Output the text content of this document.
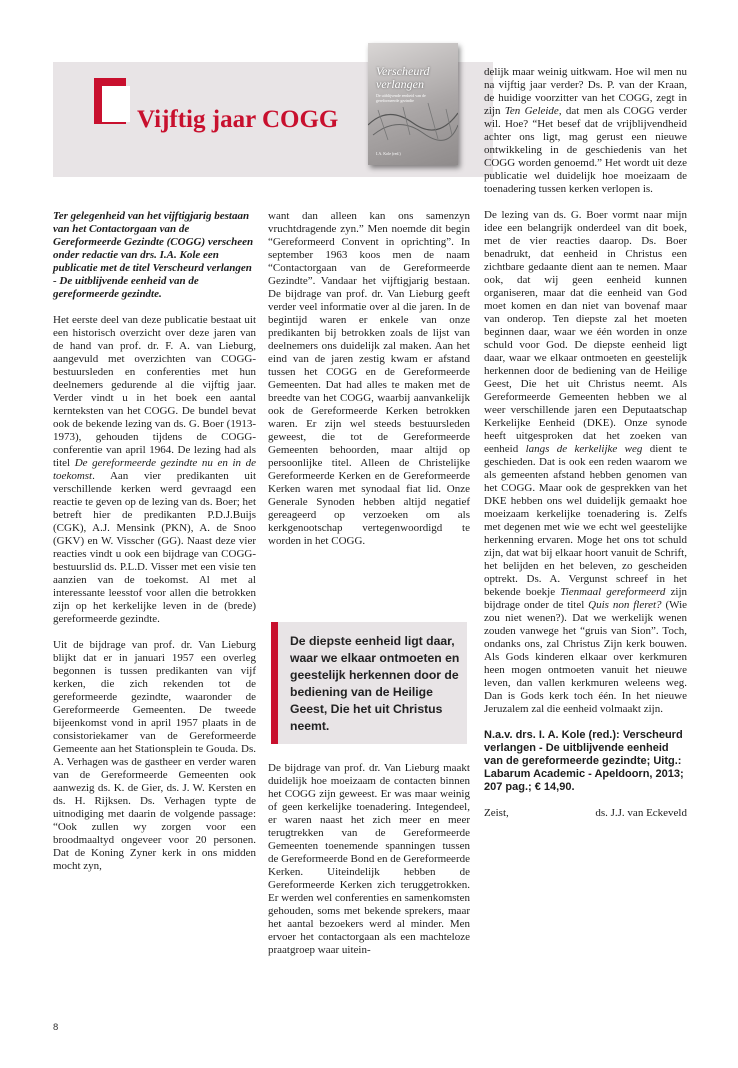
Vijftig jaar COGG
Verscheurd
verlangen
De uitblijvende eenheid van de gereformeerde gezindte
I.A. Kole (red.)

Ter gelegenheid van het vijftigjarig bestaan van het Contactorgaan van de Gereformeerde Gezindte (COGG) verscheen onder redactie van drs. I.A. Kole een publicatie met de titel Verscheurd verlangen - De uitblijvende eenheid van de gereformeerde gezindte.

Het eerste deel van deze publicatie bestaat uit een historisch overzicht over deze jaren van de hand van prof. dr. F. A. van Lieburg, aangevuld met overzichten van COGG-bestuursleden en conferenties met hun deelnemers gedurende al die vijftig jaar. Verder vindt u in het boek een aantal kernteksten van het COGG. De bundel bevat ook de bekende lezing van ds. G. Boer (1913-1973), gehouden tijdens de COGG-conferentie van april 1964. De lezing had als titel De gereformeerde gezindte nu en in de toekomst. Aan vier predikanten uit verschillende kerken werd gevraagd een reactie te geven op de lezing van ds. Boer; het betreft hier de predikanten P.D.J.Buijs (CGK), A.J. Mensink (PKN), A. de Snoo (GKV) en W. Visscher (GG). Naast deze vier reacties vindt u ook een bijdrage van COGG-bestuurslid ds. P.L.D. Visser met een visie ten aanzien van de toekomst. Al met al interessante leesstof voor allen die betrokken zijn op het kerkelijke leven in de (brede) gereformeerde gezindte.

Uit de bijdrage van prof. dr. Van Lieburg blijkt dat er in januari 1957 een overleg begonnen is tussen predikanten van vijf kerken, die zich rekenden tot de gereformeerde gezindte, waaronder de Gereformeerde Gemeenten. De tweede bijeenkomst vond in april 1957 plaats in de consistoriekamer van de Gereformeerde Gemeente aan het Stationsplein te Gouda. Ds. A. Verhagen was de gastheer en verder waren van de Gereformeerde Gemeenten ook aanwezig ds. K. de Gier, ds. J. W. Kersten en ds. H. Rijksen. Ds. Verhagen typte de uitnodiging met daarin de volgende passage: “Ook zullen wy zorgen voor een broodmaaltyd ongeveer voor 20 personen. Dat de Koning Zyner kerk in ons midden mocht zyn,

want dan alleen kan ons samenzyn vruchtdragende zyn.” Men noemde dit begin “Gereformeerd Convent in oprichting”. In september 1963 koos men de naam “Contactorgaan van de Gereformeerde Gezindte”. Vandaar het vijftigjarig bestaan. De bijdrage van prof. dr. Van Lieburg geeft verder veel informatie over al die jaren. In de begintijd waren er enkele van onze predikanten bij betrokken zoals de lijst van deelnemers ons duidelijk zal maken. Aan het eind van de jaren zestig kwam er afstand tussen het COGG en de Gereformeerde Gemeenten. Dat had alles te maken met de breedte van het COGG, waarbij aanvankelijk ook de Gereformeerde Kerken betrokken waren. Er zijn wel steeds bestuursleden geweest, die tot de Gereformeerde Gemeenten behoorden, maar altijd op persoonlijke titel. Alleen de Christelijke Gereformeerde Kerken en de Gereformeerde Kerken waren met synodaal fiat lid. Onze Generale Synoden hebben altijd negatief gereageerd op verzoeken om als kerkgenootschap vertegenwoordigd te worden in het COGG.

De diepste eenheid ligt daar, waar we elkaar ontmoeten en geestelijk herkennen door de bediening van de Heilige Geest, Die het uit Christus neemt.

De bijdrage van prof. dr. Van Lieburg maakt duidelijk hoe moeizaam de contacten binnen het COGG zijn geweest. Er was maar weinig of geen kerkelijke toenadering. Integendeel, er waren naast het zich meer en meer terugtrekken van de Gereformeerde Gemeenten toenemende spanningen tussen de Gereformeerde Bond en de Gereformeerde Kerken. Uiteindelijk hebben de Gereformeerde Kerken zich teruggetrokken. Er werden wel conferenties en samenkomsten gehouden, soms met bekende sprekers, maar het aantal bezoekers werd al minder. Men ervoer het contactorgaan als een machteloze praatgroep waar uitein-

delijk maar weinig uitkwam. Hoe wil men nu na vijftig jaar verder? Ds. P. van der Kraan, de huidige voorzitter van het COGG, zegt in zijn Ten Geleide, dat men als COGG verder wil. Hoe? “Het besef dat de vrijblijvendheid achter ons ligt, mag gerust een nieuwe ontwikkeling in de geschiedenis van het COGG worden genoemd.” Het wordt uit deze publicatie wel duidelijk hoe moeizaam de toenadering tussen kerken verlopen is.

De lezing van ds. G. Boer vormt naar mijn idee een belangrijk onderdeel van dit boek, met de vier reacties daarop. Ds. Boer benadrukt, dat eenheid in Christus een zichtbare gedaante dient aan te nemen. Maar ook, dat wij geen eenheid kunnen organiseren, maar dat die eenheid van God moet komen en dan niet van bovenaf maar van onderop. Ten diepste zal het moeten beginnen daar, waar we één worden in onze schuld voor God. De diepste eenheid ligt daar, waar we elkaar ontmoeten en geestelijk herkennen door de bediening van de Heilige Geest, Die het uit Christus neemt. Als Gereformeerde Gemeenten hebben we al weer verschillende jaren een Deputaatschap Kerkelijke Eenheid (DKE). Onze synode heeft uitgesproken dat het zoeken van eenheid langs de kerkelijke weg dient te geschieden. Dat is ook een reden waarom we als gemeenten afstand hebben genomen van het COGG. Maar ook de gesprekken van het DKE hebben ons wel duidelijk gemaakt hoe moeizaam kerkelijke toenadering is. Zelfs met degenen met wie we echt wel geestelijke herkenning ervaren. Moge het ons tot schuld zijn, dat wat bij elkaar hoort vanuit de Schrift, het belijden en het beleven, zo gescheiden optrekt. Ds. A. Vergunst schreef in het bekende boekje Tienmaal gereformeerd zijn bijdrage onder de titel Quis non fleret? (Wie zou niet wenen?). Dat we werkelijk wenen zouden vanwege het “gruis van Sion”. Toch, ondanks ons, zal Christus Zijn kerk bouwen. Als Gods kinderen elkaar over kerkmuren heen mogen ontmoeten vanuit het nieuwe leven, dan vallen kerkmuren weleens weg. Dan is Gods kerk toch één. In het nieuwe Jeruzalem zal die eenheid volmaakt zijn.

N.a.v. drs. I. A. Kole (red.): Verscheurd verlangen - De uitblijvende eenheid van de gereformeerde gezindte; Uitg.: Labarum Academic - Apeldoorn, 2013; 207 pag.; € 14,90.

Zeist,	ds. J.J. van Eckeveld
8
